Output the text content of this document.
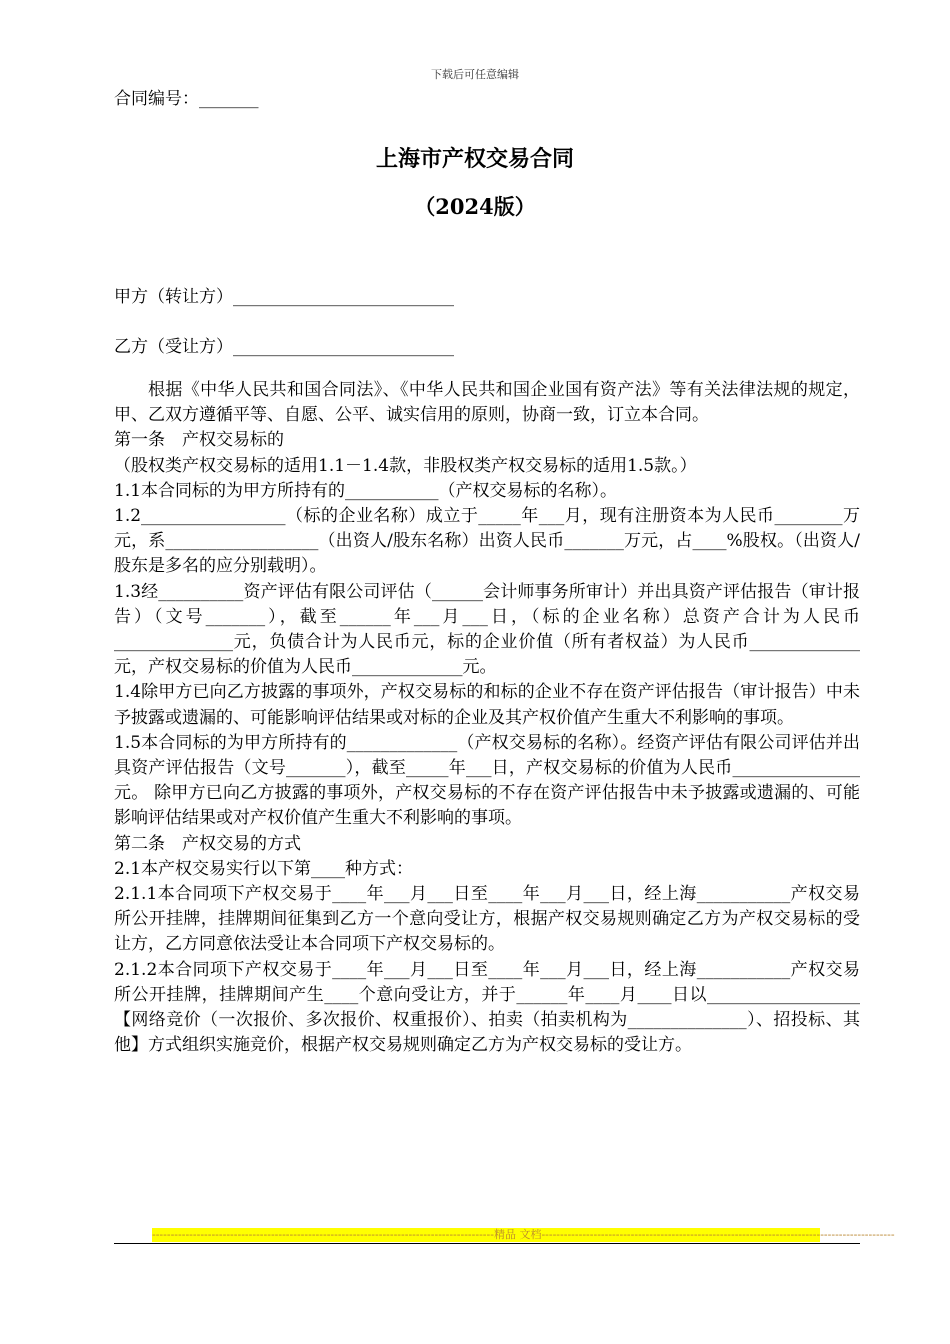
下载后可任意编辑
合同编号：_______
上海市产权交易合同
（2024版）
甲方（转让方）__________________________
乙方（受让方）__________________________

根据《中华人民共和国合同法》、《中华人民共和国企业国有资产法》等有关法律法规的规定，甲、乙双方遵循平等、自愿、公平、诚实信用的原则，协商一致，订立本合同。

第一条　产权交易标的

（股权类产权交易标的适用1.1－1.4款，非股权类产权交易标的适用1.5款。）

1.1本合同标的为甲方所持有的___________（产权交易标的名称）。

1.2_________________（标的企业名称）成立于_____年___月，现有注册资本为人民币________万元，系__________________（出资人/股东名称）出资人民币_______万元，占____%股权。（出资人/股东是多名的应分别载明）。

1.3经__________资产评估有限公司评估（______会计师事务所审计）并出具资产评估报告（审计报告）（文号_______），截至______年___月___日，（标的企业名称）总资产合计为人民币______________元，负债合计为人民币元，标的企业价值（所有者权益）为人民币_____________元，产权交易标的价值为人民币_____________元。

1.4除甲方已向乙方披露的事项外，产权交易标的和标的企业不存在资产评估报告（审计报告）中未予披露或遗漏的、可能影响评估结果或对标的企业及其产权价值产生重大不利影响的事项。

1.5本合同标的为甲方所持有的_____________（产权交易标的名称）。经资产评估有限公司评估并出具资产评估报告（文号_______），截至_____年___日，产权交易标的价值为人民币_______________元。 除甲方已向乙方披露的事项外，产权交易标的不存在资产评估报告中未予披露或遗漏的、可能影响评估结果或对产权价值产生重大不利影响的事项。

第二条　产权交易的方式

2.1本产权交易实行以下第____种方式：

2.1.1本合同项下产权交易于____年___月___日至____年___月___日，经上海___________产权交易所公开挂牌，挂牌期间征集到乙方一个意向受让方，根据产权交易规则确定乙方为产权交易标的受让方，乙方同意依法受让本合同项下产权交易标的。

2.1.2本合同项下产权交易于____年___月___日至____年___月___日，经上海___________产权交易所公开挂牌，挂牌期间产生____个意向受让方，并于______年____月____日以__________________【网络竞价（一次报价、多次报价、权重报价）、拍卖（拍卖机构为______________）、招投标、其他】方式组织实施竞价，根据产权交易规则确定乙方为产权交易标的受让方。

--------------------------------------------------------------------------------------------精品 文档-----------------------------------------------------------------------------------------------
